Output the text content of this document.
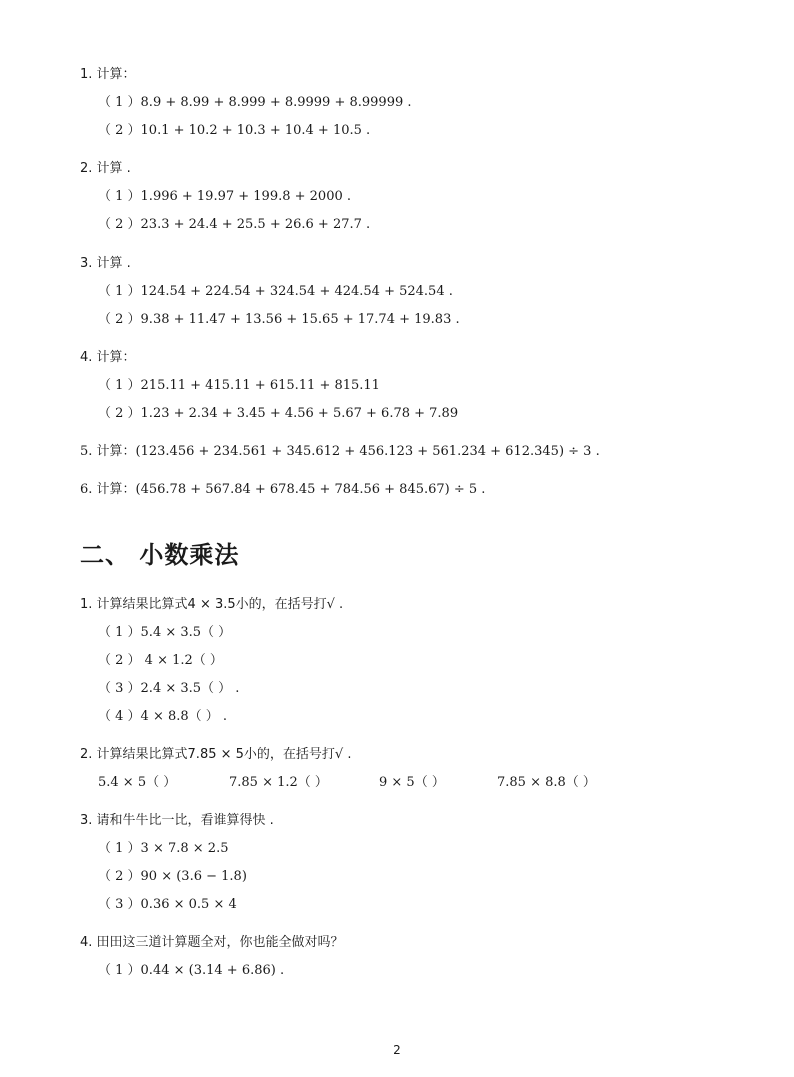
1. 计算：
（ 1 ）8.9 + 8.99 + 8.999 + 8.9999 + 8.99999 .
（ 2 ）10.1 + 10.2 + 10.3 + 10.4 + 10.5 .
2. 计算 .
（ 1 ）1.996 + 19.97 + 199.8 + 2000 .
（ 2 ）23.3 + 24.4 + 25.5 + 26.6 + 27.7 .
3. 计算 .
（ 1 ）124.54 + 224.54 + 324.54 + 424.54 + 524.54 .
（ 2 ）9.38 + 11.47 + 13.56 + 15.65 + 17.74 + 19.83 .
4. 计算：
（ 1 ）215.11 + 415.11 + 615.11 + 815.11
（ 2 ）1.23 + 2.34 + 3.45 + 4.56 + 5.67 + 6.78 + 7.89
5. 计算：(123.456 + 234.561 + 345.612 + 456.123 + 561.234 + 612.345) ÷ 3 .
6. 计算：(456.78 + 567.84 + 678.45 + 784.56 + 845.67) ÷ 5 .
二、 小数乘法
1. 计算结果比算式4 × 3.5小的，在括号打√ .
（ 1 ）5.4 × 3.5（ ）
（ 2 ） 4 × 1.2（ ）
（ 3 ）2.4 × 3.5（ ） .
（ 4 ）4 × 8.8（ ） .
2. 计算结果比算式7.85 × 5小的，在括号打√ .
5.4 × 5（ ）	7.85 × 1.2（ ）	9 × 5（ ）	7.85 × 8.8（ ）
3. 请和牛牛比一比，看谁算得快 .
（ 1 ）3 × 7.8 × 2.5
（ 2 ）90 × (3.6 − 1.8)
（ 3 ）0.36 × 0.5 × 4
4. 田田这三道计算题全对，你也能全做对吗？
（ 1 ）0.44 × (3.14 + 6.86) .
2
